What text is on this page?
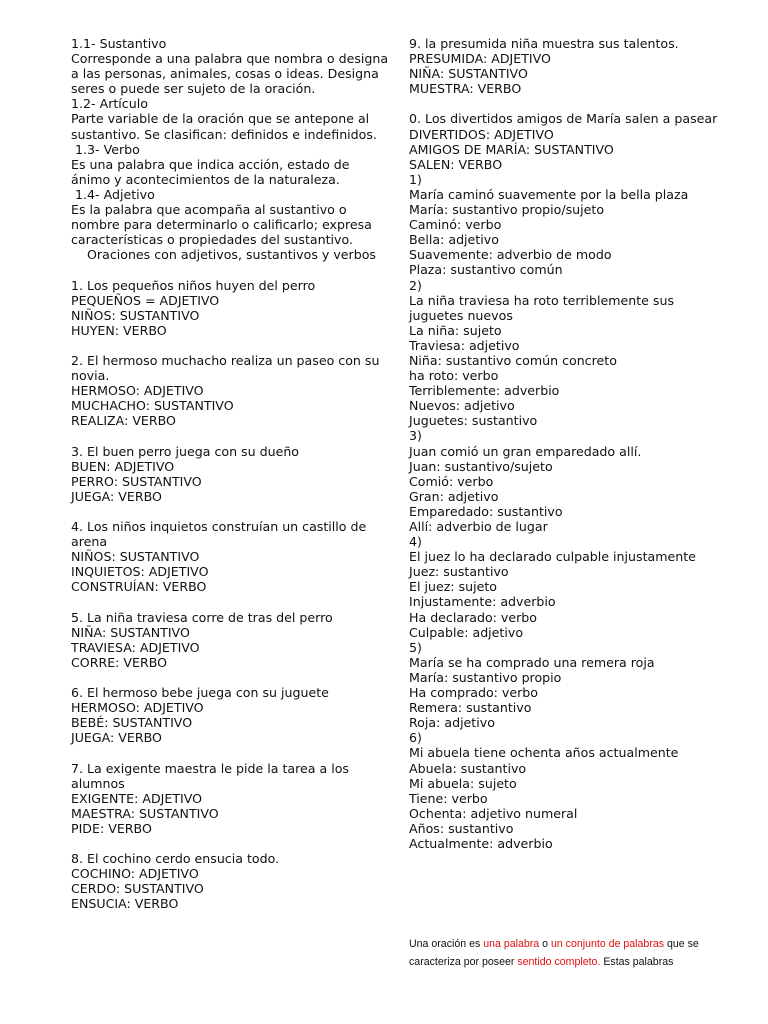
1.1- Sustantivo
Corresponde a una palabra que nombra o designa
a las personas, animales, cosas o ideas. Designa
seres o puede ser sujeto de la oración.
1.2- Artículo
Parte variable de la oración que se antepone al
sustantivo. Se clasifican: definidos e indefinidos.
1.3- Verbo
Es una palabra que indica acción, estado de
ánimo y acontecimientos de la naturaleza.
1.4- Adjetivo
Es la palabra que acompaña al sustantivo o
nombre para determinarlo o calificarlo; expresa
características o propiedades del sustantivo.
Oraciones con adjetivos, sustantivos y verbos
1. Los pequeños niños huyen del perro
PEQUEÑOS = ADJETIVO
NIÑOS: SUSTANTIVO
HUYEN: VERBO
2. El hermoso muchacho realiza un paseo con su
novia.
HERMOSO: ADJETIVO
MUCHACHO: SUSTANTIVO
REALIZA: VERBO
3. El buen perro juega con su dueño
BUEN: ADJETIVO
PERRO: SUSTANTIVO
JUEGA: VERBO
4. Los niños inquietos construían un castillo de
arena
NIÑOS: SUSTANTIVO
INQUIETOS: ADJETIVO
CONSTRUÍAN: VERBO
5. La niña traviesa corre de tras del perro
NIÑA: SUSTANTIVO
TRAVIESA: ADJETIVO
CORRE: VERBO
6. El hermoso bebe juega con su juguete
HERMOSO: ADJETIVO
BEBÉ: SUSTANTIVO
JUEGA: VERBO
7. La exigente maestra le pide la tarea a los
alumnos
EXIGENTE: ADJETIVO
MAESTRA: SUSTANTIVO
PIDE: VERBO
8. El cochino cerdo ensucia todo.
COCHINO: ADJETIVO
CERDO: SUSTANTIVO
ENSUCIA: VERBO
9. la presumida niña muestra sus talentos.
PRESUMIDA: ADJETIVO
NIÑA: SUSTANTIVO
MUESTRA: VERBO
0. Los divertidos amigos de María salen a pasear
DIVERTIDOS: ADJETIVO
AMIGOS DE MARÍA: SUSTANTIVO
SALEN: VERBO
1)
María caminó suavemente por la bella plaza
María: sustantivo propio/sujeto
Caminó: verbo
Bella: adjetivo
Suavemente: adverbio de modo
Plaza: sustantivo común
2)
La niña traviesa ha roto terriblemente sus
juguetes nuevos
La niña: sujeto
Traviesa: adjetivo
Niña: sustantivo común concreto
ha roto: verbo
Terriblemente: adverbio
Nuevos: adjetivo
Juguetes: sustantivo
3)
Juan comió un gran emparedado allí.
Juan: sustantivo/sujeto
Comió: verbo
Gran: adjetivo
Emparedado: sustantivo
Allí: adverbio de lugar
4)
El juez lo ha declarado culpable injustamente
Juez: sustantivo
El juez: sujeto
Injustamente: adverbio
Ha declarado: verbo
Culpable: adjetivo
5)
María se ha comprado una remera roja
María: sustantivo propio
Ha comprado: verbo
Remera: sustantivo
Roja: adjetivo
6)
Mi abuela tiene ochenta años actualmente
Abuela: sustantivo
Mi abuela: sujeto
Tiene: verbo
Ochenta: adjetivo numeral
Años: sustantivo
Actualmente: adverbio
Una oración es una palabra o un conjunto de palabras que se caracteriza por poseer sentido completo. Estas palabras
